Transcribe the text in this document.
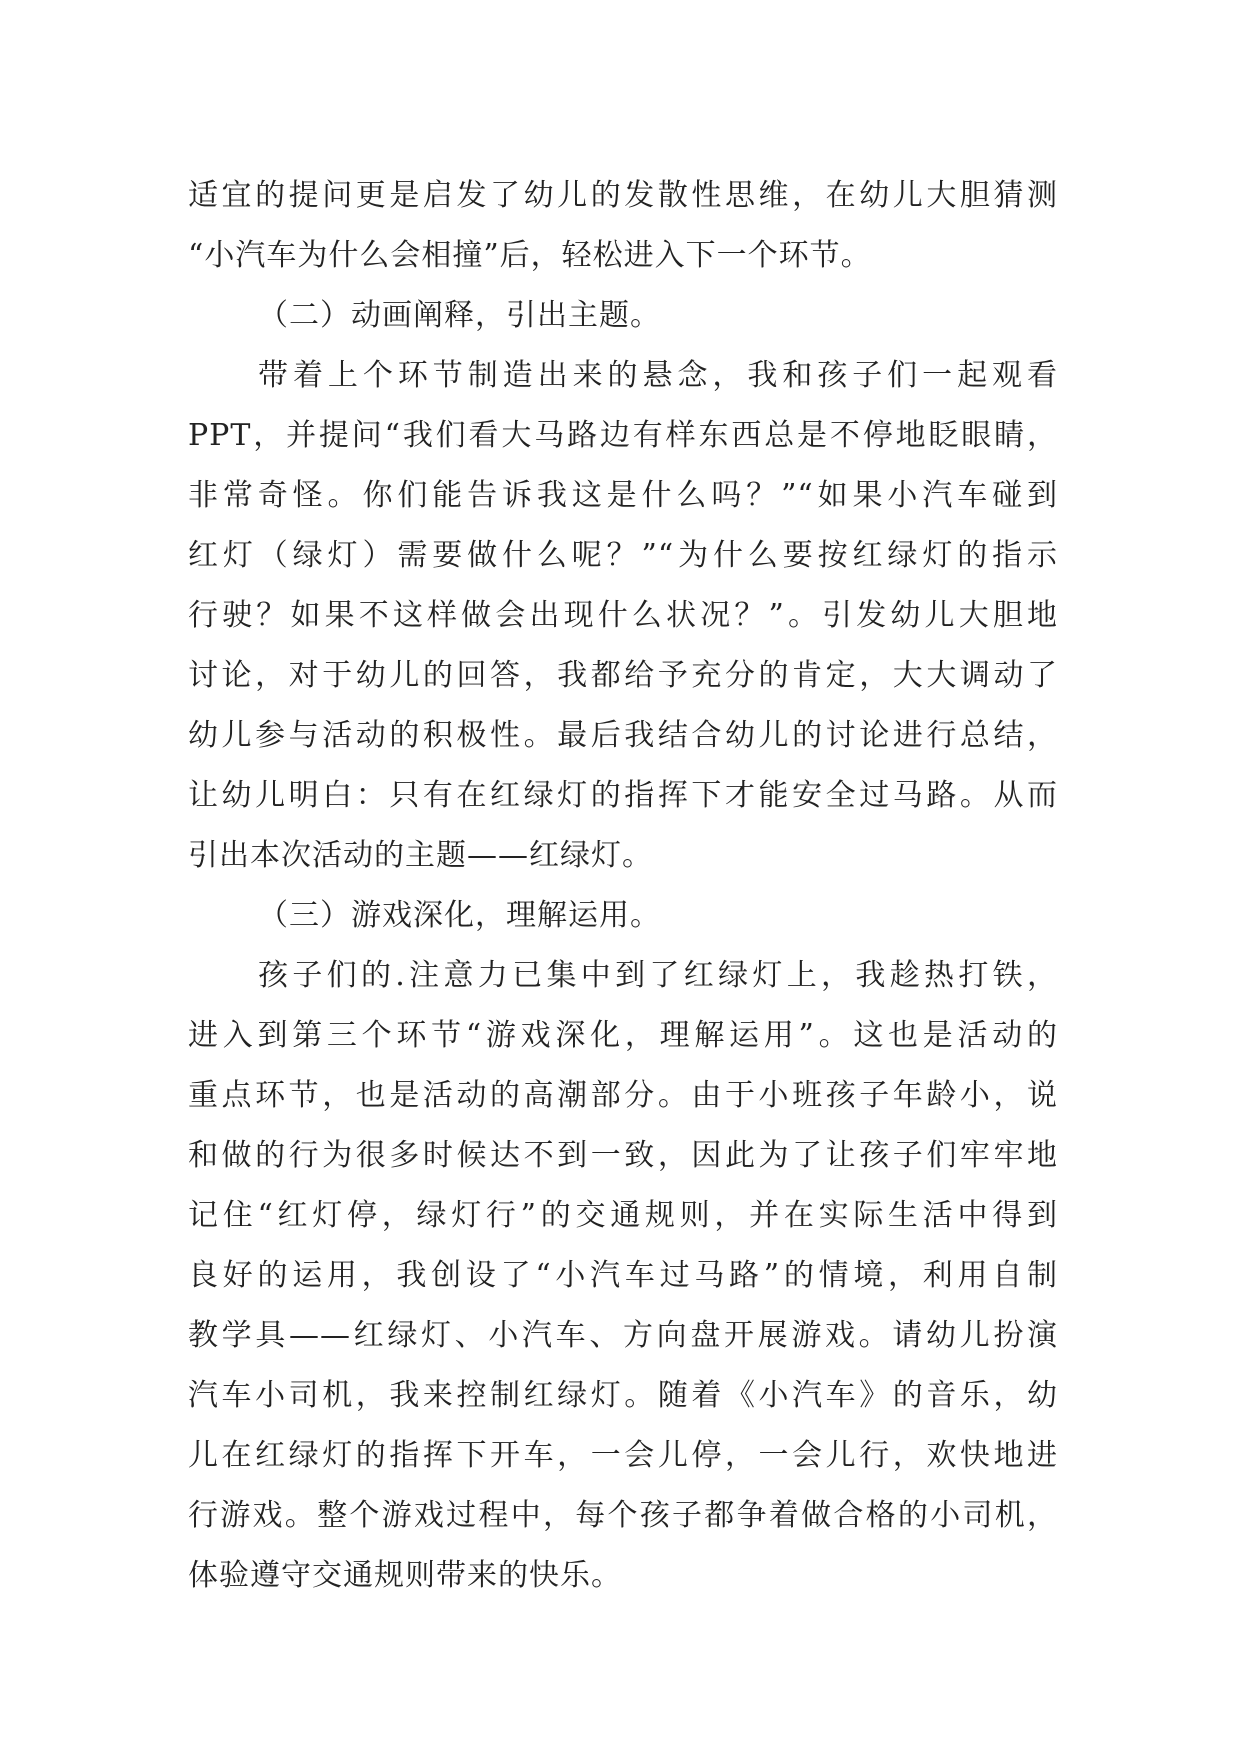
适宜的提问更是启发了幼儿的发散性思维，在幼儿大胆猜测
“小汽车为什么会相撞”后，轻松进入下一个环节。
（二）动画阐释，引出主题。
带着上个环节制造出来的悬念，我和孩子们一起观看
PPT，并提问“我们看大马路边有样东西总是不停地眨眼睛，
非常奇怪。你们能告诉我这是什么吗？”“如果小汽车碰到
红灯（绿灯）需要做什么呢？”“为什么要按红绿灯的指示
行驶？如果不这样做会出现什么状况？”。引发幼儿大胆地
讨论，对于幼儿的回答，我都给予充分的肯定，大大调动了
幼儿参与活动的积极性。最后我结合幼儿的讨论进行总结，
让幼儿明白：只有在红绿灯的指挥下才能安全过马路。从而
引出本次活动的主题——红绿灯。
（三）游戏深化，理解运用。
孩子们的.注意力已集中到了红绿灯上，我趁热打铁，
进入到第三个环节“游戏深化，理解运用”。这也是活动的
重点环节，也是活动的高潮部分。由于小班孩子年龄小，说
和做的行为很多时候达不到一致，因此为了让孩子们牢牢地
记住“红灯停，绿灯行”的交通规则，并在实际生活中得到
良好的运用，我创设了“小汽车过马路”的情境，利用自制
教学具——红绿灯、小汽车、方向盘开展游戏。请幼儿扮演
汽车小司机，我来控制红绿灯。随着《小汽车》的音乐，幼
儿在红绿灯的指挥下开车，一会儿停，一会儿行，欢快地进
行游戏。整个游戏过程中，每个孩子都争着做合格的小司机，
体验遵守交通规则带来的快乐。
